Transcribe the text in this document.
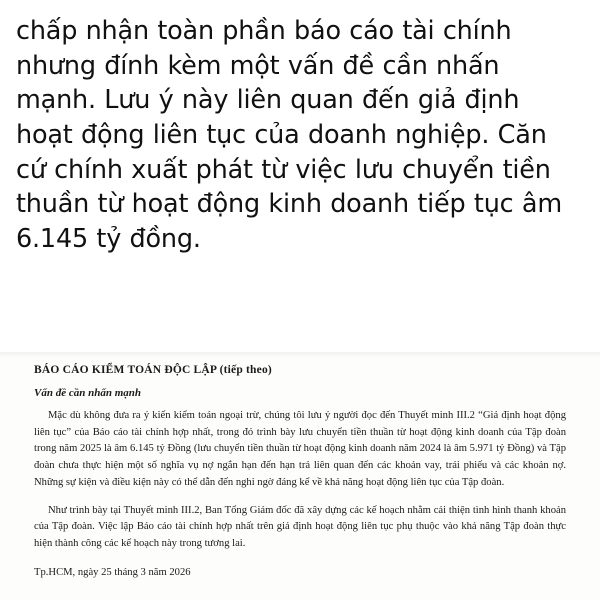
chấp nhận toàn phần báo cáo tài chính nhưng đính kèm một vấn đề cần nhấn mạnh. Lưu ý này liên quan đến giả định hoạt động liên tục của doanh nghiệp. Căn cứ chính xuất phát từ việc lưu chuyển tiền thuần từ hoạt động kinh doanh tiếp tục âm 6.145 tỷ đồng.

BÁO CÁO KIỂM TOÁN ĐỘC LẬP (tiếp theo)

Vấn đề cần nhấn mạnh

Mặc dù không đưa ra ý kiến kiểm toán ngoại trừ, chúng tôi lưu ý người đọc đến Thuyết minh III.2 “Giả định hoạt động liên tục” của Báo cáo tài chính hợp nhất, trong đó trình bày lưu chuyển tiền thuần từ hoạt động kinh doanh của Tập đoàn trong năm 2025 là âm 6.145 tỷ Đồng (lưu chuyển tiền thuần từ hoạt động kinh doanh năm 2024 là âm 5.971 tỷ Đồng) và Tập đoàn chưa thực hiện một số nghĩa vụ nợ ngắn hạn đến hạn trả liên quan đến các khoản vay, trái phiếu và các khoản nợ. Những sự kiện và điều kiện này có thể dẫn đến nghi ngờ đáng kể về khả năng hoạt động liên tục của Tập đoàn.

Như trình bày tại Thuyết minh III.2, Ban Tổng Giám đốc đã xây dựng các kế hoạch nhằm cải thiện tình hình thanh khoản của Tập đoàn. Việc lập Báo cáo tài chính hợp nhất trên giả định hoạt động liên tục phụ thuộc vào khả năng Tập đoàn thực hiện thành công các kế hoạch này trong tương lai.

Tp.HCM, ngày 25 tháng 3 năm 2026
